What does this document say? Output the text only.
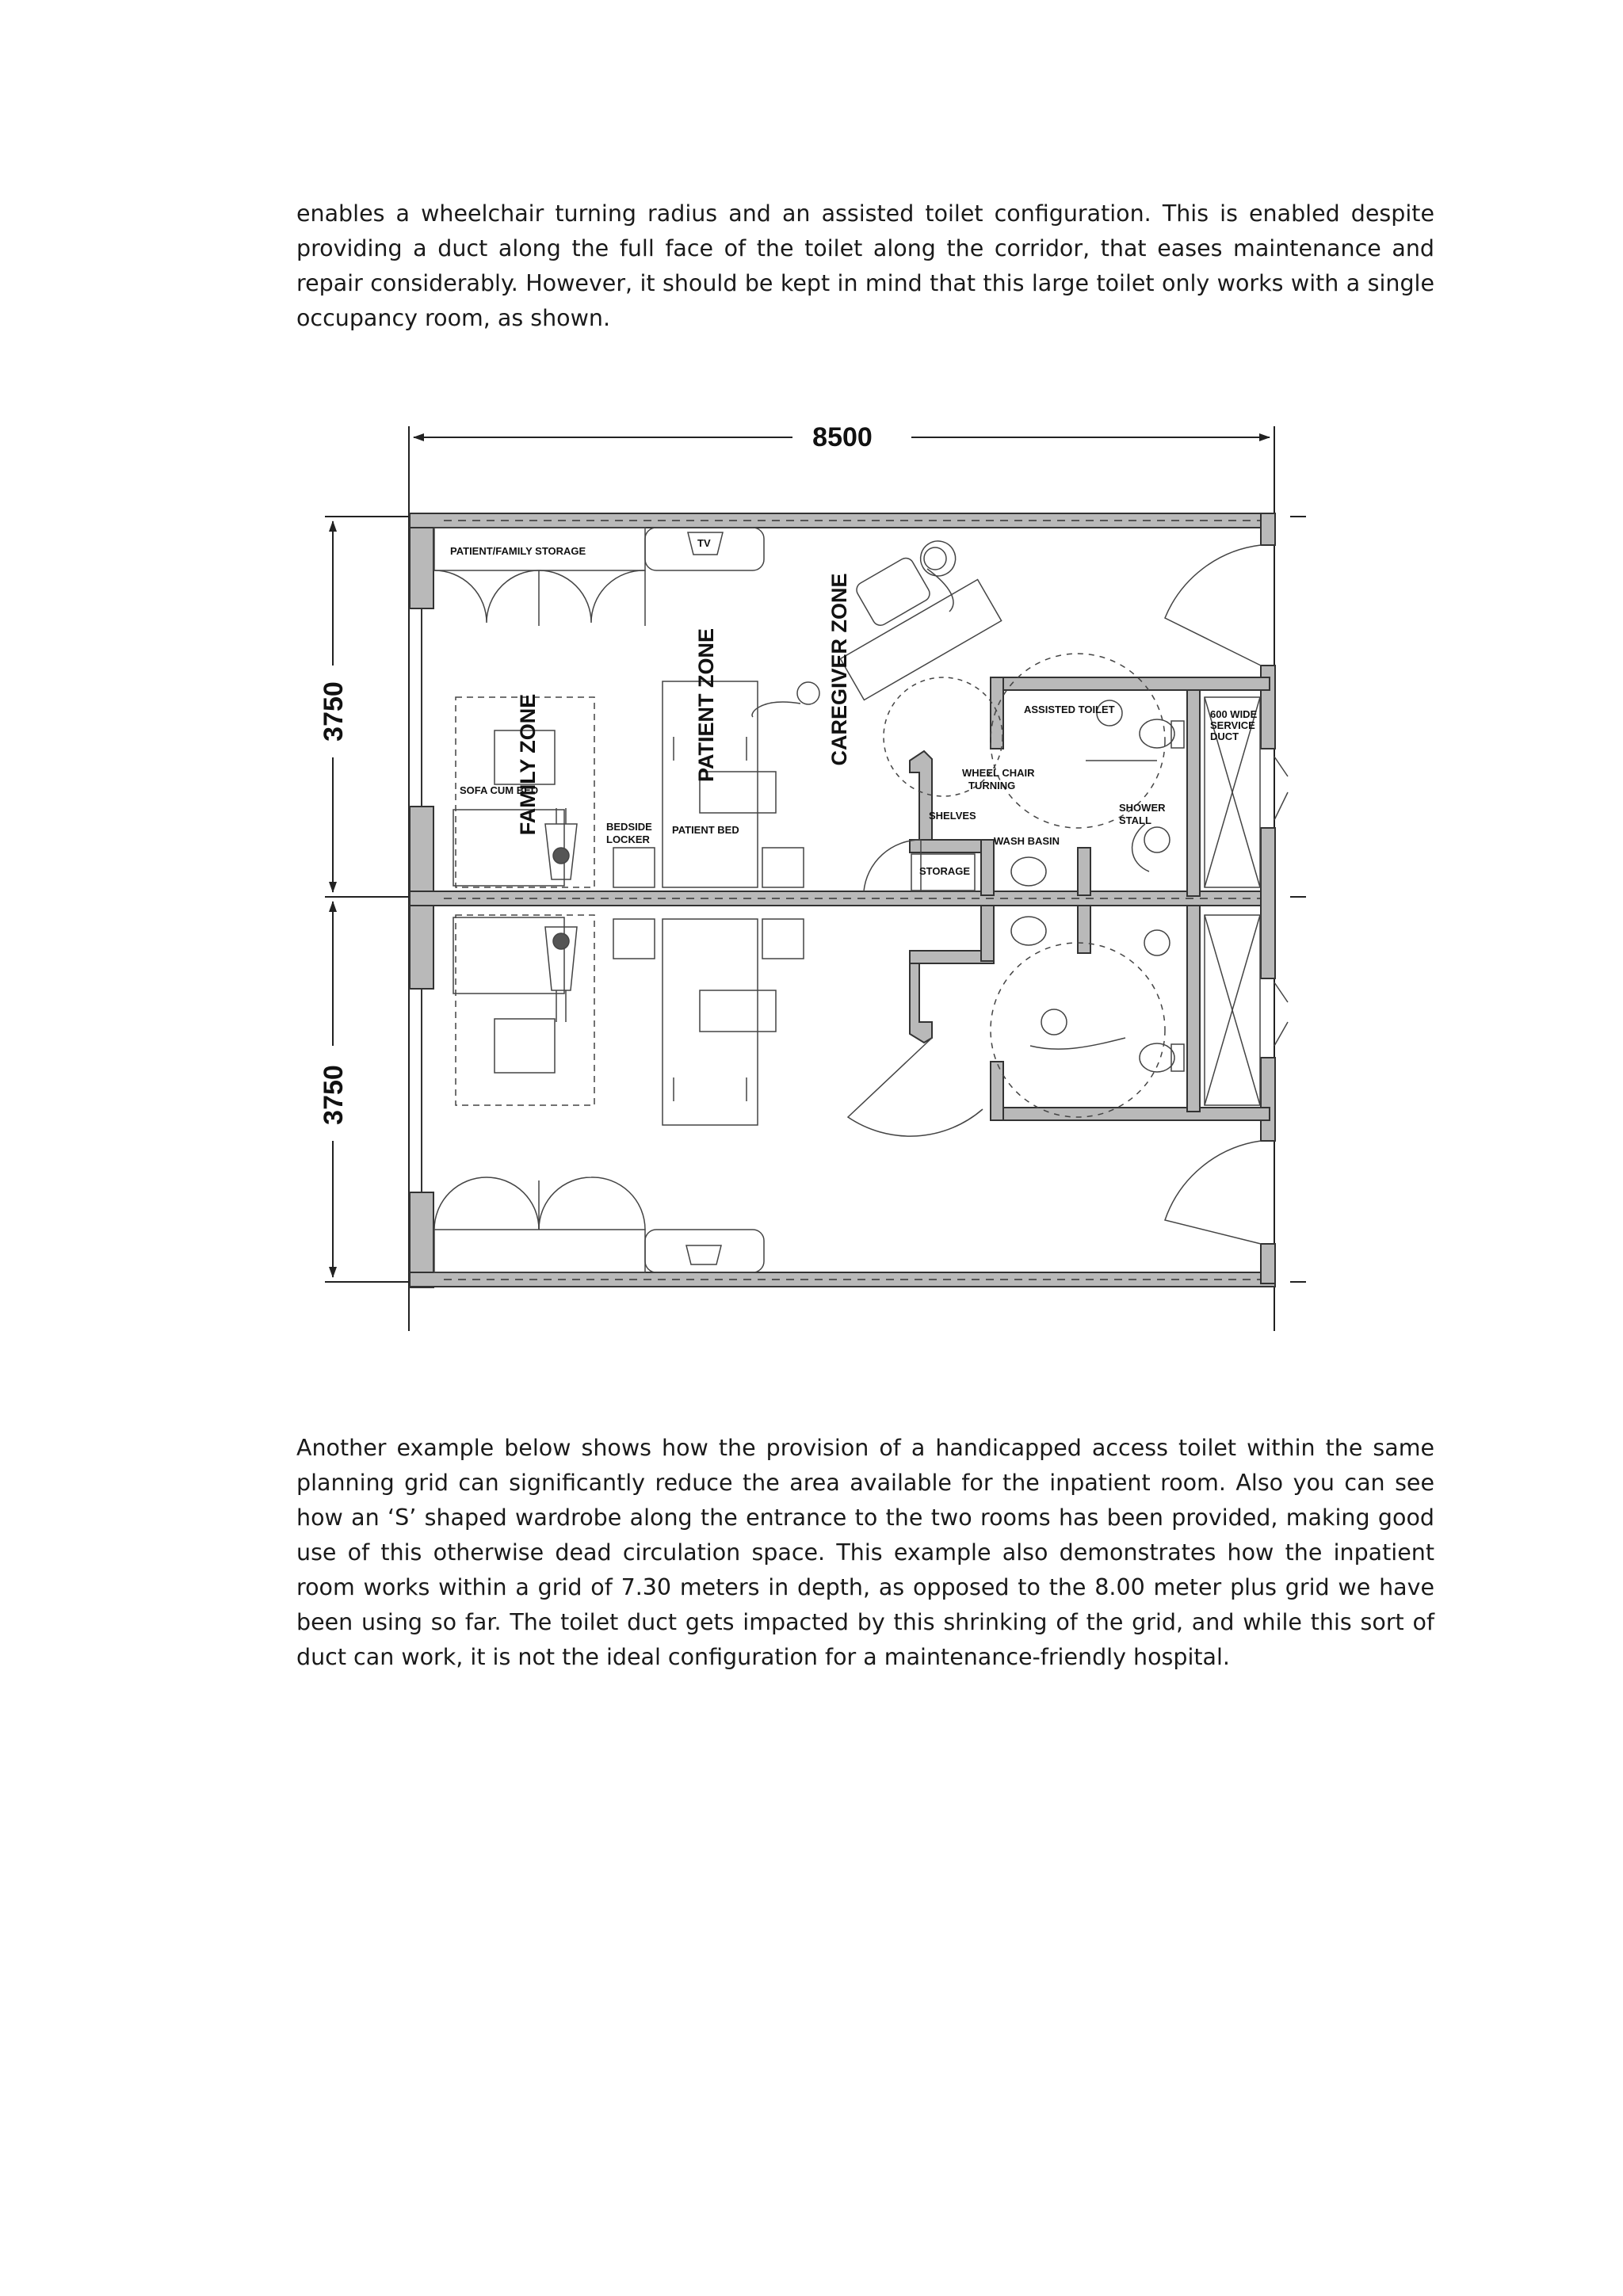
enables a wheelchair turning radius and an assisted toilet configuration. This is enabled despite providing a duct along the full face of the toilet along the corridor, that eases maintenance and repair considerably. However, it should be kept in mind that this large toilet only works with a single occupancy room, as shown.

8500
3750
3750
PATIENT/FAMILY STORAGE
TV
FAMILY ZONE	PATIENT ZONE	CAREGIVER ZONE
SOFA CUM BED
BEDSIDE
LOCKER
PATIENT BED
ASSISTED TOILET	600 WIDE
SERVICE
DUCT
WHEEL CHAIR
TURNING
SHELVES
SHOWER
STALL
WASH BASIN
STORAGE

Another example below shows how the provision of a handicapped access toilet within the same planning grid can significantly reduce the area available for the inpatient room. Also you can see how an ‘S’ shaped wardrobe along the entrance to the two rooms has been provided, making good use of this otherwise dead circulation space. This example also demonstrates how the inpatient room works within a grid of 7.30 meters in depth, as opposed to the 8.00 meter plus grid we have been using so far. The toilet duct gets impacted by this shrinking of the grid, and while this sort of duct can work, it is not the ideal configuration for a maintenance-friendly hospital.
